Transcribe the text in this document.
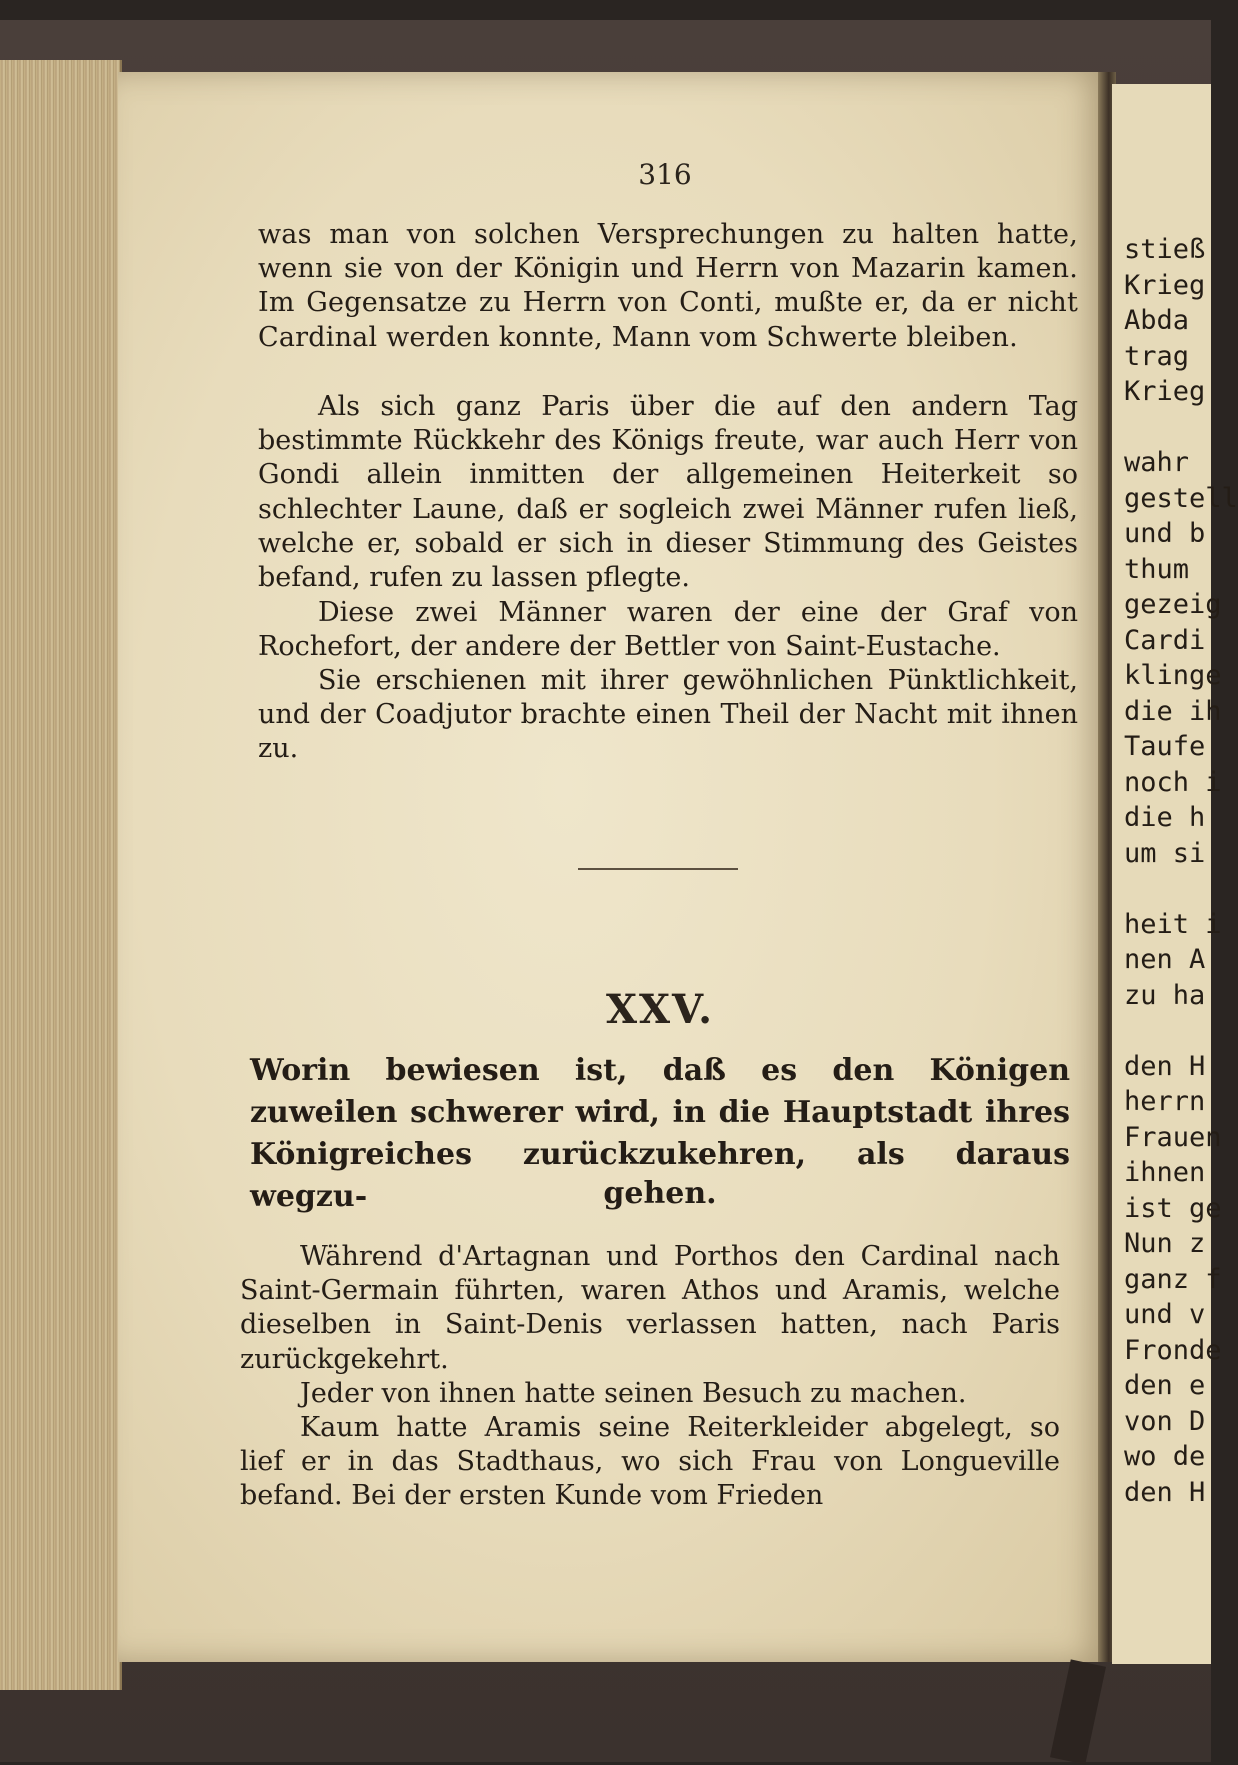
316

was man von solchen Versprechungen zu halten hatte, wenn sie von der Königin und Herrn von Mazarin kamen. Im Gegensatze zu Herrn von Conti, mußte er, da er nicht Cardinal werden konnte, Mann vom Schwerte bleiben.

Als sich ganz Paris über die auf den andern Tag bestimmte Rückkehr des Königs freute, war auch Herr von Gondi allein inmitten der allgemeinen Heiterkeit so schlechter Laune, daß er sogleich zwei Männer rufen ließ, welche er, sobald er sich in dieser Stimmung des Geistes befand, rufen zu lassen pflegte.

Diese zwei Männer waren der eine der Graf von Rochefort, der andere der Bettler von Saint-Eustache.

Sie erschienen mit ihrer gewöhnlichen Pünktlichkeit, und der Coadjutor brachte einen Theil der Nacht mit ihnen zu.

XXV.

Worin bewiesen ist, daß es den Königen zuweilen schwerer wird, in die Hauptstadt ihres Königreiches zurückzukehren, als daraus wegzu-	gehen.

Während d'Artagnan und Porthos den Cardinal nach Saint-Germain führten, waren Athos und Aramis, welche dieselben in Saint-Denis verlassen hatten, nach Paris zurückgekehrt.

Jeder von ihnen hatte seinen Besuch zu machen.

Kaum hatte Aramis seine Reiterkleider abgelegt, so lief er in das Stadthaus, wo sich Frau von Longueville befand. Bei der ersten Kunde vom Frieden

stieß
Krieg
Abda
trag
Krieg

wahr
gestell
und b
thum
gezeig
Cardi
klinge
die ih
Taufe
noch i
die h
um si

heit i
nen A
zu ha

den H
herrn
Frauen
ihnen
ist ge
Nun z
ganz f
und v
Fronde
den e
von D
wo de
den H
